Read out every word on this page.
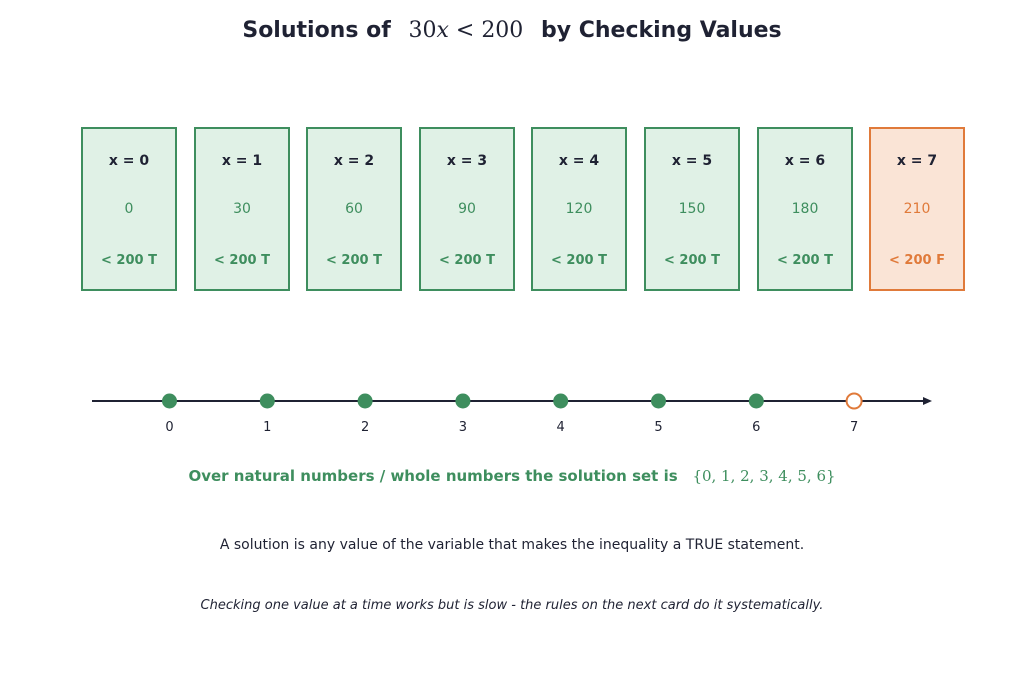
Solutions of 30x < 200 by Checking Values
x = 0
0
< 200 T
x = 1
30
< 200 T
x = 2
60
< 200 T
x = 3
90
< 200 T
x = 4
120
< 200 T
x = 5
150
< 200 T
x = 6
180
< 200 T
x = 7
210
< 200 F
0	1	2	3	4	5	6	7
Over natural numbers / whole numbers the solution set is {0, 1, 2, 3, 4, 5, 6}
A solution is any value of the variable that makes the inequality a TRUE statement.
Checking one value at a time works but is slow - the rules on the next card do it systematically.
